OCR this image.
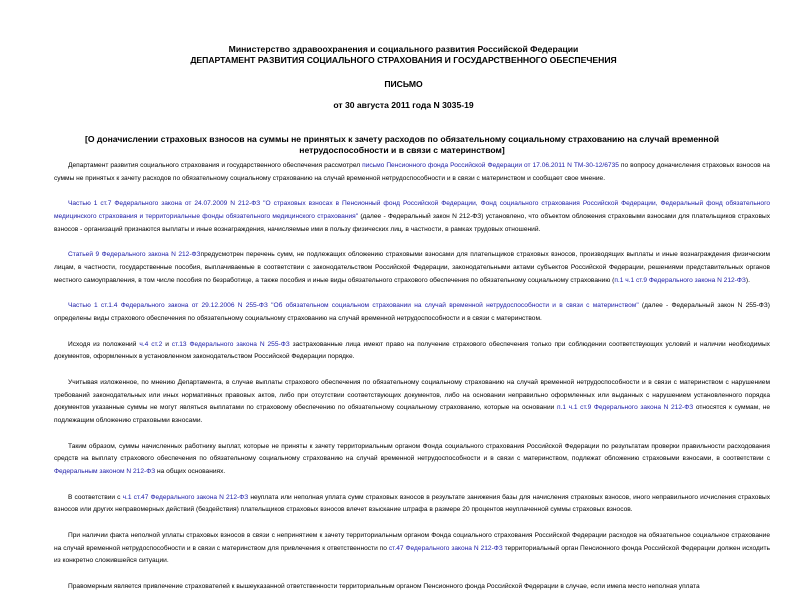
Министерство здравоохранения и социального развития Российской Федерации
ДЕПАРТАМЕНТ РАЗВИТИЯ СОЦИАЛЬНОГО СТРАХОВАНИЯ И ГОСУДАРСТВЕННОГО ОБЕСПЕЧЕНИЯ
ПИСЬМО
от 30 августа 2011 года N 3035-19
[О доначислении страховых взносов на суммы не принятых к зачету расходов по обязательному социальному страхованию на случай временной нетрудоспособности и в связи с материнством]

Департамент развития социального страхования и государственного обеспечения рассмотрел письмо Пенсионного фонда Российской Федерации от 17.06.2011 N ТМ-30-12/6735 по вопросу доначисления страховых взносов на суммы не принятых к зачету расходов по обязательному социальному страхованию на случай временной нетрудоспособности и в связи с материнством и сообщает свое мнение.

Частью 1 ст.7 Федерального закона от 24.07.2009 N 212-ФЗ "О страховых взносах в Пенсионный фонд Российской Федерации, Фонд социального страхования Российской Федерации, Федеральный фонд обязательного медицинского страхования и территориальные фонды обязательного медицинского страхования" (далее - Федеральный закон N 212-ФЗ) установлено, что объектом обложения страховыми взносами для плательщиков страховых взносов - организаций признаются выплаты и иные вознаграждения, начисляемые ими в пользу физических лиц, в частности, в рамках трудовых отношений.

Статьей 9 Федерального закона N 212-ФЗпредусмотрен перечень сумм, не подлежащих обложению страховыми взносами для плательщиков страховых взносов, производящих выплаты и иные вознаграждения физическим лицам, в частности, государственные пособия, выплачиваемые в соответствии с законодательством Российской Федерации, законодательными актами субъектов Российской Федерации, решениями представительных органов местного самоуправления, в том числе пособия по безработице, а также пособия и иные виды обязательного страхового обеспечения по обязательному социальному страхованию (п.1 ч.1 ст.9 Федерального закона N 212-ФЗ).

Частью 1 ст.1.4 Федерального закона от 29.12.2006 N 255-ФЗ "Об обязательном социальном страховании на случай временной нетрудоспособности и в связи с материнством" (далее - Федеральный закон N 255-ФЗ) определены виды страхового обеспечения по обязательному социальному страхованию на случай временной нетрудоспособности и в связи с материнством.

Исходя из положений ч.4 ст.2 и ст.13 Федерального закона N 255-ФЗ застрахованные лица имеют право на получение страхового обеспечения только при соблюдении соответствующих условий и наличии необходимых документов, оформленных в установленном законодательством Российской Федерации порядке.

Учитывая изложенное, по мнению Департамента, в случае выплаты страхового обеспечения по обязательному социальному страхованию на случай временной нетрудоспособности и в связи с материнством с нарушением требований законодательных или иных нормативных правовых актов, либо при отсутствии соответствующих документов, либо на основании неправильно оформленных или выданных с нарушением установленного порядка документов указанные суммы не могут являться выплатами по страховому обеспечению по обязательному социальному страхованию, которые на основании п.1 ч.1 ст.9 Федерального закона N 212-ФЗ относятся к суммам, не подлежащим обложению страховыми взносами.

Таким образом, суммы начисленных работнику выплат, которые не приняты к зачету территориальным органом Фонда социального страхования Российской Федерации по результатам проверки правильности расходования средств на выплату страхового обеспечения по обязательному социальному страхованию на случай временной нетрудоспособности и в связи с материнством, подлежат обложению страховыми взносами, в соответствии с Федеральным законом N 212-ФЗ на общих основаниях.

В соответствии с ч.1 ст.47 Федерального закона N 212-ФЗ неуплата или неполная уплата сумм страховых взносов в результате занижения базы для начисления страховых взносов, иного неправильного исчисления страховых взносов или других неправомерных действий (бездействия) плательщиков страховых взносов влечет взыскание штрафа в размере 20 процентов неуплаченной суммы страховых взносов.

При наличии факта неполной уплаты страховых взносов в связи с непринятием к зачету территориальным органом Фонда социального страхования Российской Федерации расходов на обязательное социальное страхование на случай временной нетрудоспособности и в связи с материнством для привлечения к ответственности по ст.47 Федерального закона N 212-ФЗ территориальный орган Пенсионного фонда Российской Федерации должен исходить из конкретно сложившейся ситуации.

Правомерным является привлечение страхователей к вышеуказанной ответственности территориальным органом Пенсионного фонда Российской Федерации в случае, если имела место неполная уплата
